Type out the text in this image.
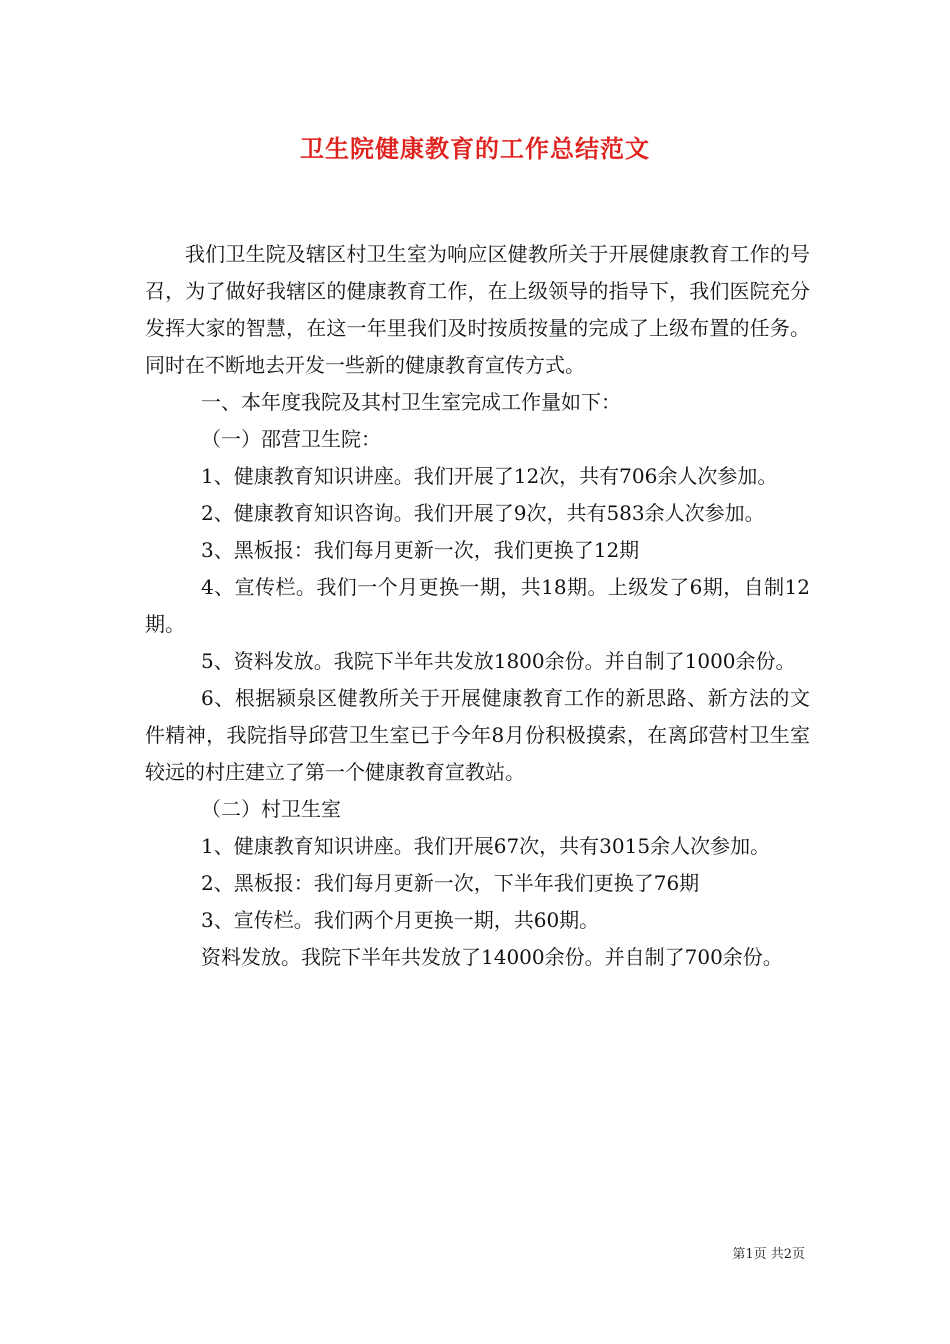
卫生院健康教育的工作总结范文

我们卫生院及辖区村卫生室为响应区健教所关于开展健康教育工作的号召，为了做好我辖区的健康教育工作，在上级领导的指导下，我们医院充分发挥大家的智慧，在这一年里我们及时按质按量的完成了上级布置的任务。同时在不断地去开发一些新的健康教育宣传方式。

一、本年度我院及其村卫生室完成工作量如下：

（一）邵营卫生院：

1、健康教育知识讲座。我们开展了12次，共有706余人次参加。

2、健康教育知识咨询。我们开展了9次，共有583余人次参加。

3、黑板报：我们每月更新一次，我们更换了12期

4、宣传栏。我们一个月更换一期，共18期。上级发了6期，自制12期。

5、资料发放。我院下半年共发放1800余份。并自制了1000余份。

6、根据颍泉区健教所关于开展健康教育工作的新思路、新方法的文件精神，我院指导邱营卫生室已于今年8月份积极摸索，在离邱营村卫生室较远的村庄建立了第一个健康教育宣教站。

（二）村卫生室

1、健康教育知识讲座。我们开展67次，共有3015余人次参加。

2、黑板报：我们每月更新一次，下半年我们更换了76期

3、宣传栏。我们两个月更换一期，共60期。

资料发放。我院下半年共发放了14000余份。并自制了700余份。

第1页 共2页
